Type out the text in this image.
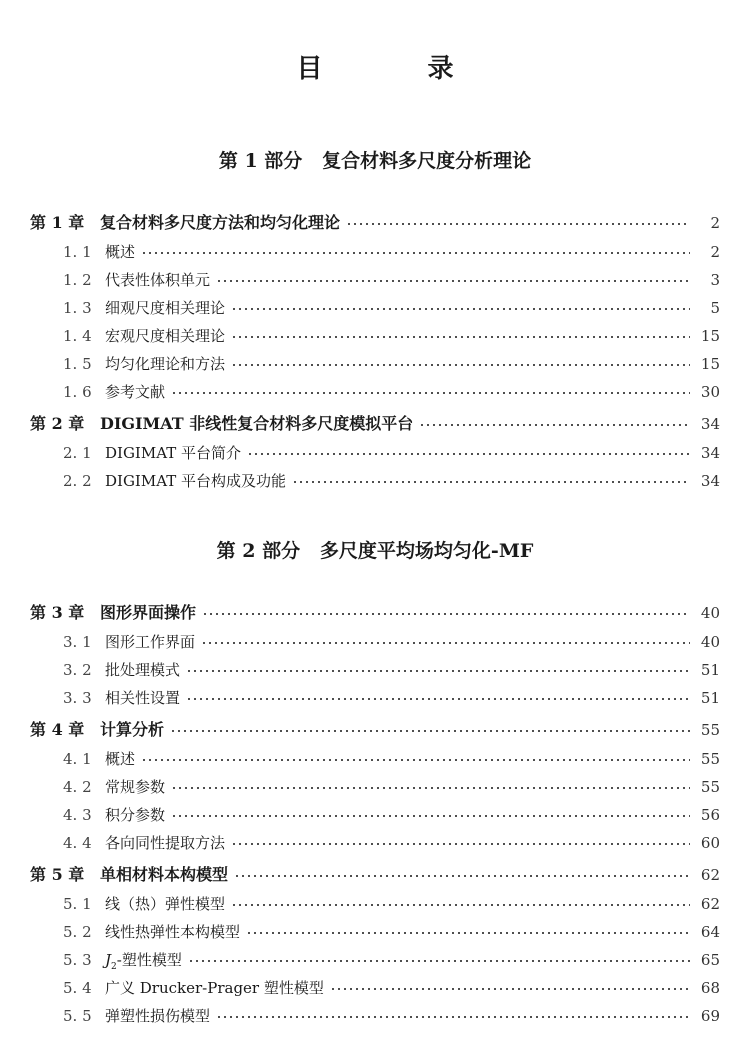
目 录
第 1 部分   复合材料多尺度分析理论
第 1 章 复合材料多尺度方法和均匀化理论	2
1. 1 概述	2
1. 2 代表性体积单元	3
1. 3 细观尺度相关理论	5
1. 4 宏观尺度相关理论	15
1. 5 均匀化理论和方法	15
1. 6 参考文献	30
第 2 章 DIGIMAT 非线性复合材料多尺度模拟平台	34
2. 1 DIGIMAT 平台简介	34
2. 2 DIGIMAT 平台构成及功能	34
第 2 部分   多尺度平均场均匀化-MF
第 3 章 图形界面操作	40
3. 1 图形工作界面	40
3. 2 批处理模式	51
3. 3 相关性设置	51
第 4 章 计算分析	55
4. 1 概述	55
4. 2 常规参数	55
4. 3 积分参数	56
4. 4 各向同性提取方法	60
第 5 章 单相材料本构模型	62
5. 1 线（热）弹性模型	62
5. 2 线性热弹性本构模型	64
5. 3 $J_2-$塑性模型	65
5. 4 广义 Drucker-Prager 塑性模型	68
5. 5 弹塑性损伤模型	69
